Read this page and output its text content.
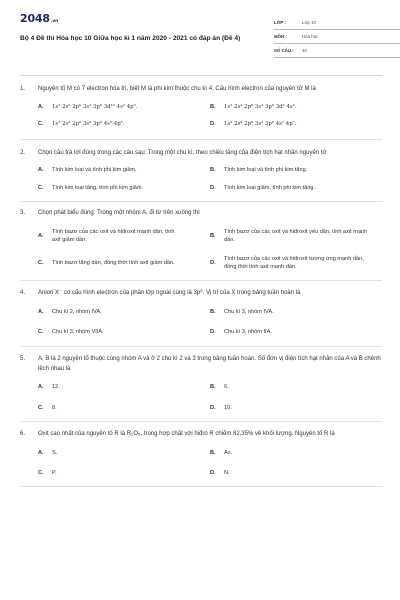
2048.vn
Bộ 4 Đề thi Hóa học 10 Giữa học kì 1 năm 2020 - 2021 có đáp án (Đề 4)
LỚP :	Lớp 10
MÔN :	Hóa học
SỐ CÂU :	30
1.	Nguyên tố M có 7 electron hóa trị, biết M là phi kim thuộc chu kì 4. Cấu hình electron của nguyên tử M là
A.	1s² 2s² 2p⁶ 3s² 3p⁶ 3d¹⁰ 4s² 4p⁵.	B.	1s² 2s² 2p⁶ 3s² 3p⁶ 3d⁵ 4s².
C.	1s² 2s² 2p⁶ 3s² 3p⁶ 4s² 4p⁵.	D.	1s² 2s² 2p⁶ 3s² 3p⁶ 4s² 4p⁷.
2.	Chọn câu trả lời đúng trong các câu sau: Trong một chu kì, theo chiều tăng của điện tích hạt nhân nguyên tử
A.	Tính kim loại và tính phi kim giảm.	B.	Tính kim loại và tính phi kim tăng.
C.	Tính kim loại tăng, tính phi kim giảm.	D.	Tính kim loại giảm, tính phi kim tăng.
3.	Chọn phát biểu đúng: Trong một nhóm A, đi từ trên xuống thì
A.
Tính bazơ của các oxit và hiđroxit mạnh dần, tính axit giảm dần.
B.
Tính bazơ của các oxit và hiđroxit yếu dần, tính axit mạnh dần.
C.	Tính bazơ tăng dần, đồng thời tính axit giảm dần.	D.
Tính bazơ của các oxit và hiđroxit tương ứng mạnh dần, đồng thời tính axit mạnh dần.
4.	Anion X⁻ có cấu hình electron của phân lớp ngoài cùng là 3p⁶. Vị trí của X trong bảng tuần hoàn là
A.	Chu kì 2, nhóm IVA.	B.	Chu kì 3, nhóm IVA.
C.	Chu kì 3, nhóm VIIA.	D.	Chu kì 3, nhóm IIA.
5.	A, B là 2 nguyên tố thuộc cùng nhóm A và ở 2 chu kì 2 và 3 trong bảng tuần hoàn. Số đơn vị điện tích hạt nhân của A và B chênh lệch nhau là
A.	12.	B.	6.
C.	8.	D.	10.
6.	Oxit cao nhất của nguyên tố R là R₂O₅, trong hợp chất với hiđro R chiếm 82,35% về khối lượng. Nguyên tố R là
A.	S.	B.	As.
C.	P.	D.	N.
